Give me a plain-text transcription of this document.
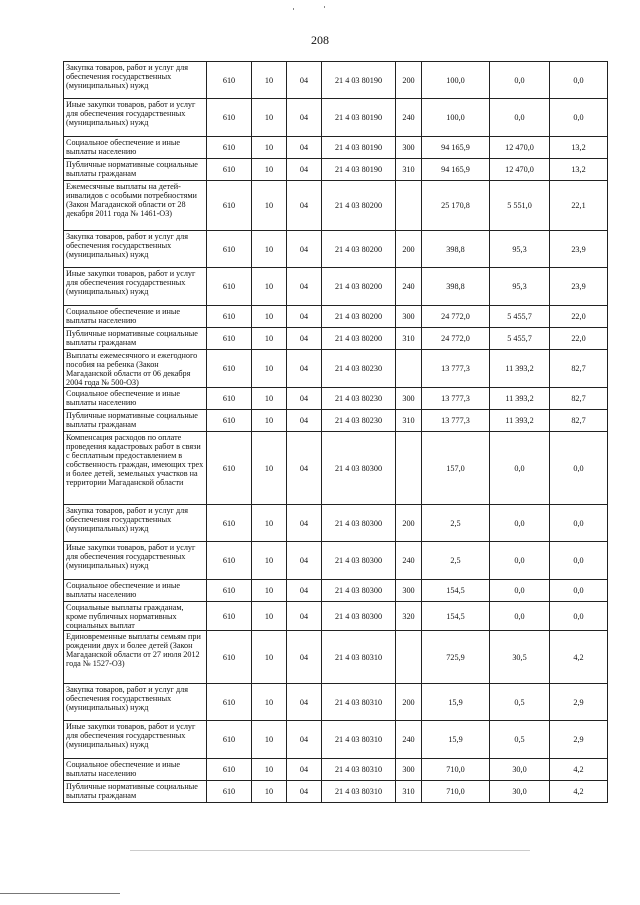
208
Закупка товаров, работ и услуг для обеспечения государственных (муниципальных) нужд	610	10	04	21 4 03 80190	200	100,0	0,0	0,0
Иные закупки товаров, работ и услуг для обеспечения государственных (муниципальных) нужд	610	10	04	21 4 03 80190	240	100,0	0,0	0,0
Социальное обеспечение и иные выплаты населению	610	10	04	21 4 03 80190	300	94 165,9	12 470,0	13,2
Публичные нормативные социальные выплаты гражданам	610	10	04	21 4 03 80190	310	94 165,9	12 470,0	13,2
Ежемесячные выплаты на детей-инвалидов с особыми потребностями (Закон Магаданской области от 28 декабря 2011 года № 1461-ОЗ)	610	10	04	21 4 03 80200		25 170,8	5 551,0	22,1
Закупка товаров, работ и услуг для обеспечения государственных (муниципальных) нужд	610	10	04	21 4 03 80200	200	398,8	95,3	23,9
Иные закупки товаров, работ и услуг для обеспечения государственных (муниципальных) нужд	610	10	04	21 4 03 80200	240	398,8	95,3	23,9
Социальное обеспечение и иные выплаты населению	610	10	04	21 4 03 80200	300	24 772,0	5 455,7	22,0
Публичные нормативные социальные выплаты гражданам	610	10	04	21 4 03 80200	310	24 772,0	5 455,7	22,0
Выплаты ежемесячного и ежегодного пособия на ребенка (Закон Магаданской области от 06 декабря 2004 года № 500-ОЗ)	610	10	04	21 4 03 80230		13 777,3	11 393,2	82,7
Социальное обеспечение и иные выплаты населению	610	10	04	21 4 03 80230	300	13 777,3	11 393,2	82,7
Публичные нормативные социальные выплаты гражданам	610	10	04	21 4 03 80230	310	13 777,3	11 393,2	82,7
Компенсация расходов по оплате проведения кадастровых работ в связи с бесплатным предоставлением в собственность граждан, имеющих трех и более детей, земельных участков на территории Магаданской области	610	10	04	21 4 03 80300		157,0	0,0	0,0
Закупка товаров, работ и услуг для обеспечения государственных (муниципальных) нужд	610	10	04	21 4 03 80300	200	2,5	0,0	0,0
Иные закупки товаров, работ и услуг для обеспечения государственных (муниципальных) нужд	610	10	04	21 4 03 80300	240	2,5	0,0	0,0
Социальное обеспечение и иные выплаты населению	610	10	04	21 4 03 80300	300	154,5	0,0	0,0
Социальные выплаты гражданам, кроме публичных нормативных социальных выплат	610	10	04	21 4 03 80300	320	154,5	0,0	0,0
Единовременные выплаты семьям при рождении двух и более детей (Закон Магаданской области от 27 июля 2012 года № 1527-ОЗ)	610	10	04	21 4 03 80310		725,9	30,5	4,2
Закупка товаров, работ и услуг для обеспечения государственных (муниципальных) нужд	610	10	04	21 4 03 80310	200	15,9	0,5	2,9
Иные закупки товаров, работ и услуг для обеспечения государственных (муниципальных) нужд	610	10	04	21 4 03 80310	240	15,9	0,5	2,9
Социальное обеспечение и иные выплаты населению	610	10	04	21 4 03 80310	300	710,0	30,0	4,2
Публичные нормативные социальные выплаты гражданам	610	10	04	21 4 03 80310	310	710,0	30,0	4,2
